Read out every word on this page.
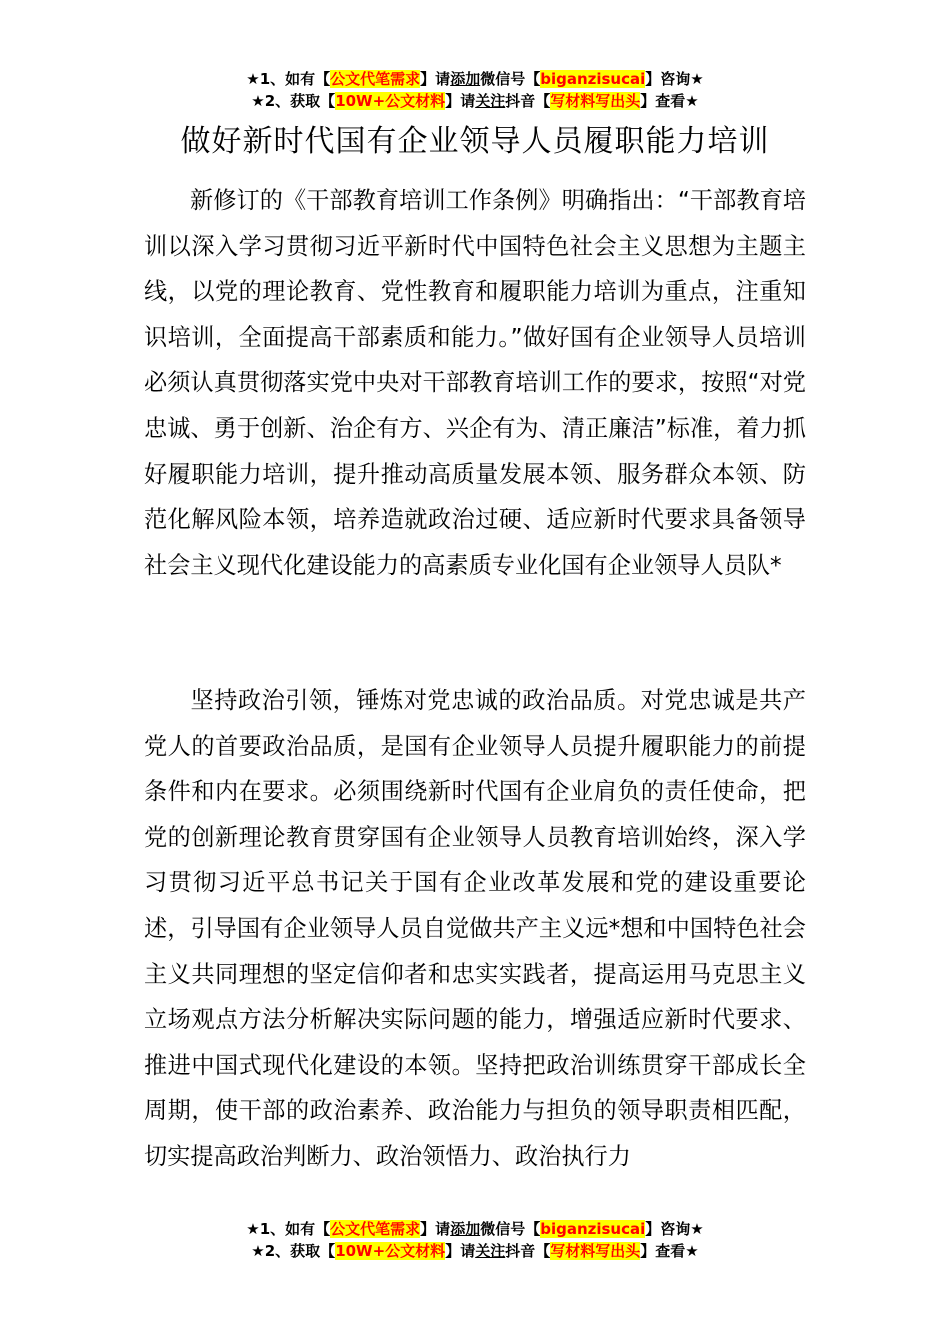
★1、如有【公文代笔需求】请添加微信号【biganzisucai】咨询★
★2、获取【10W+公文材料】请关注抖音【写材料写出头】查看★
做好新时代国有企业领导人员履职能力培训

新修订的《干部教育培训工作条例》明确指出：“干部教育培训以深入学习贯彻习近平新时代中国特色社会主义思想为主题主线，以党的理论教育、党性教育和履职能力培训为重点，注重知识培训，全面提高干部素质和能力。”做好国有企业领导人员培训必须认真贯彻落实党中央对干部教育培训工作的要求，按照“对党忠诚、勇于创新、治企有方、兴企有为、清正廉洁”标准，着力抓好履职能力培训，提升推动高质量发展本领、服务群众本领、防范化解风险本领，培养造就政治过硬、适应新时代要求具备领导社会主义现代化建设能力的高素质专业化国有企业领导人员队*

坚持政治引领，锤炼对党忠诚的政治品质。对党忠诚是共产党人的首要政治品质，是国有企业领导人员提升履职能力的前提条件和内在要求。必须围绕新时代国有企业肩负的责任使命，把党的创新理论教育贯穿国有企业领导人员教育培训始终，深入学习贯彻习近平总书记关于国有企业改革发展和党的建设重要论述，引导国有企业领导人员自觉做共产主义远*想和中国特色社会主义共同理想的坚定信仰者和忠实实践者，提高运用马克思主义立场观点方法分析解决实际问题的能力，增强适应新时代要求、推进中国式现代化建设的本领。坚持把政治训练贯穿干部成长全周期，使干部的政治素养、政治能力与担负的领导职责相匹配，切实提高政治判断力、政治领悟力、政治执行力

★1、如有【公文代笔需求】请添加微信号【biganzisucai】咨询★
★2、获取【10W+公文材料】请关注抖音【写材料写出头】查看★
